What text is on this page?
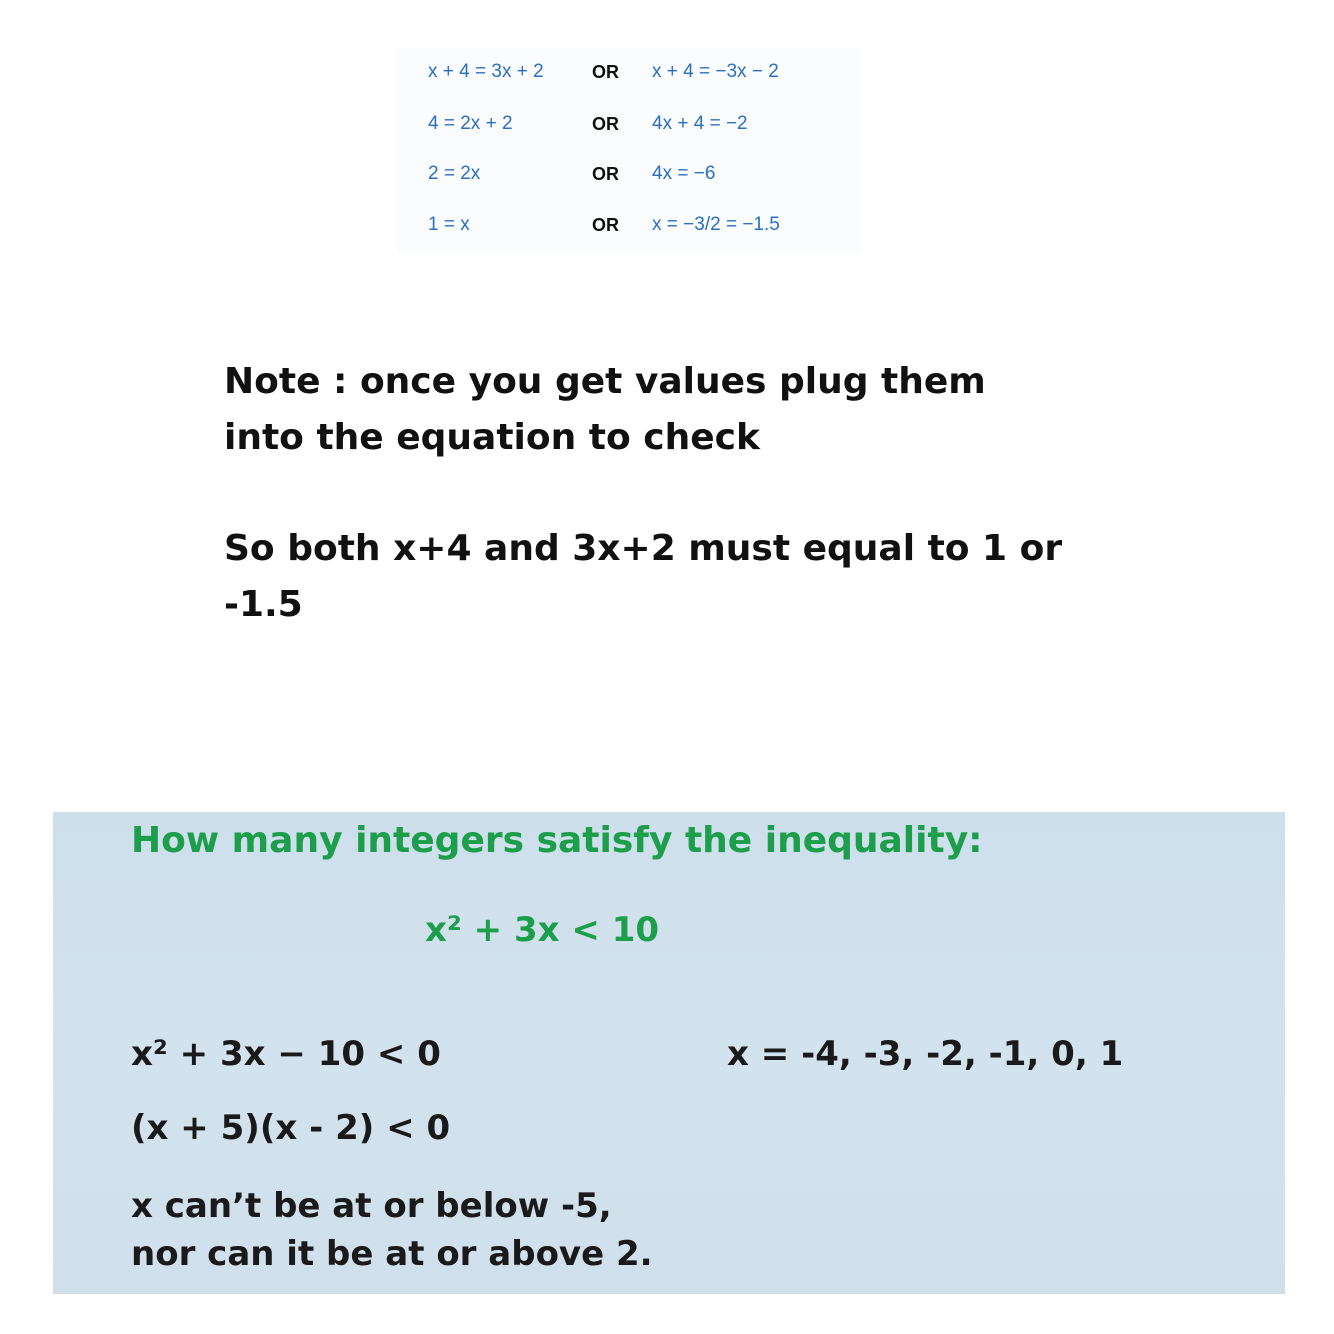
x + 4 = 3x + 2	OR x + 4 = −3x − 2
4 = 2x + 2	OR 4x + 4 = −2
2 = 2x	OR 4x = −6
1 = x	OR x = −3/2 = −1.5
Note : once you get values plug them
into the equation to check
So both x+4 and 3x+2 must equal to 1 or
-1.5
How many integers satisfy the inequality:
x² + 3x < 10
x² + 3x − 10 < 0	x = -4, -3, -2, -1, 0, 1
(x + 5)(x - 2) < 0
x can’t be at or below -5,
nor can it be at or above 2.
